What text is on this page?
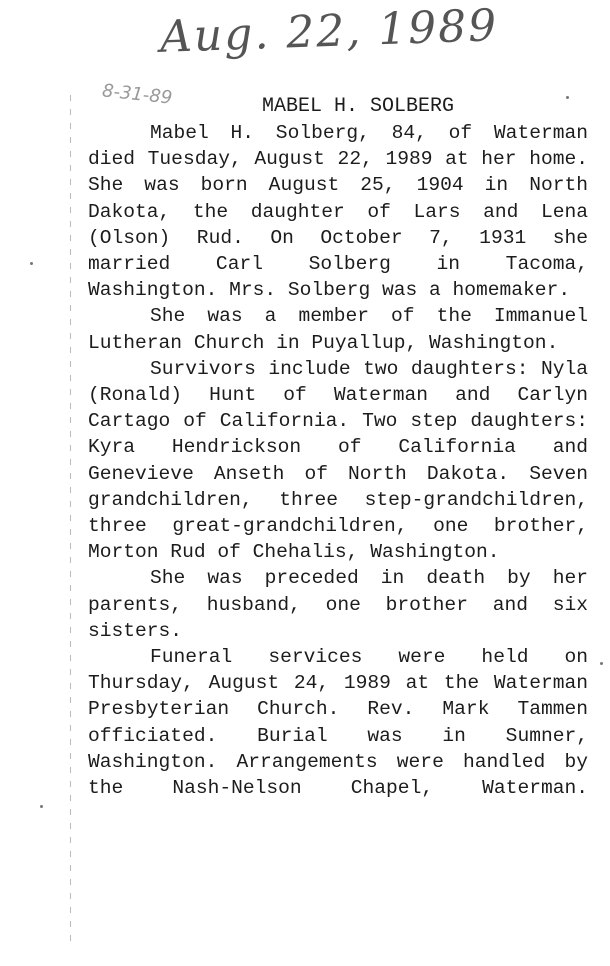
Aug. 22, 1989
8-31-89	MABEL H. SOLBERG

Mabel H. Solberg, 84, of Waterman died Tuesday, August 22, 1989 at her home. She was born August 25, 1904 in North Dakota, the daughter of Lars and Lena (Olson) Rud. On October 7, 1931 she married Carl Solberg in Tacoma, Washington. Mrs. Solberg was a homemaker.

She was a member of the Immanuel Lutheran Church in Puyallup, Washington.

Survivors include two daughters: Nyla (Ronald) Hunt of Waterman and Carlyn Cartago of California. Two step daughters: Kyra Hendrickson of California and Genevieve Anseth of North Dakota. Seven grandchildren, three step-grandchildren, three great-grandchildren, one brother, Morton Rud of Chehalis, Washington.

She was preceded in death by her parents, husband, one brother and six sisters.

Funeral services were held on Thursday, August 24, 1989 at the Waterman Presbyterian Church. Rev. Mark Tammen officiated. Burial was in Sumner, Washington. Arrangements were handled by the Nash-Nelson Chapel, Waterman.
